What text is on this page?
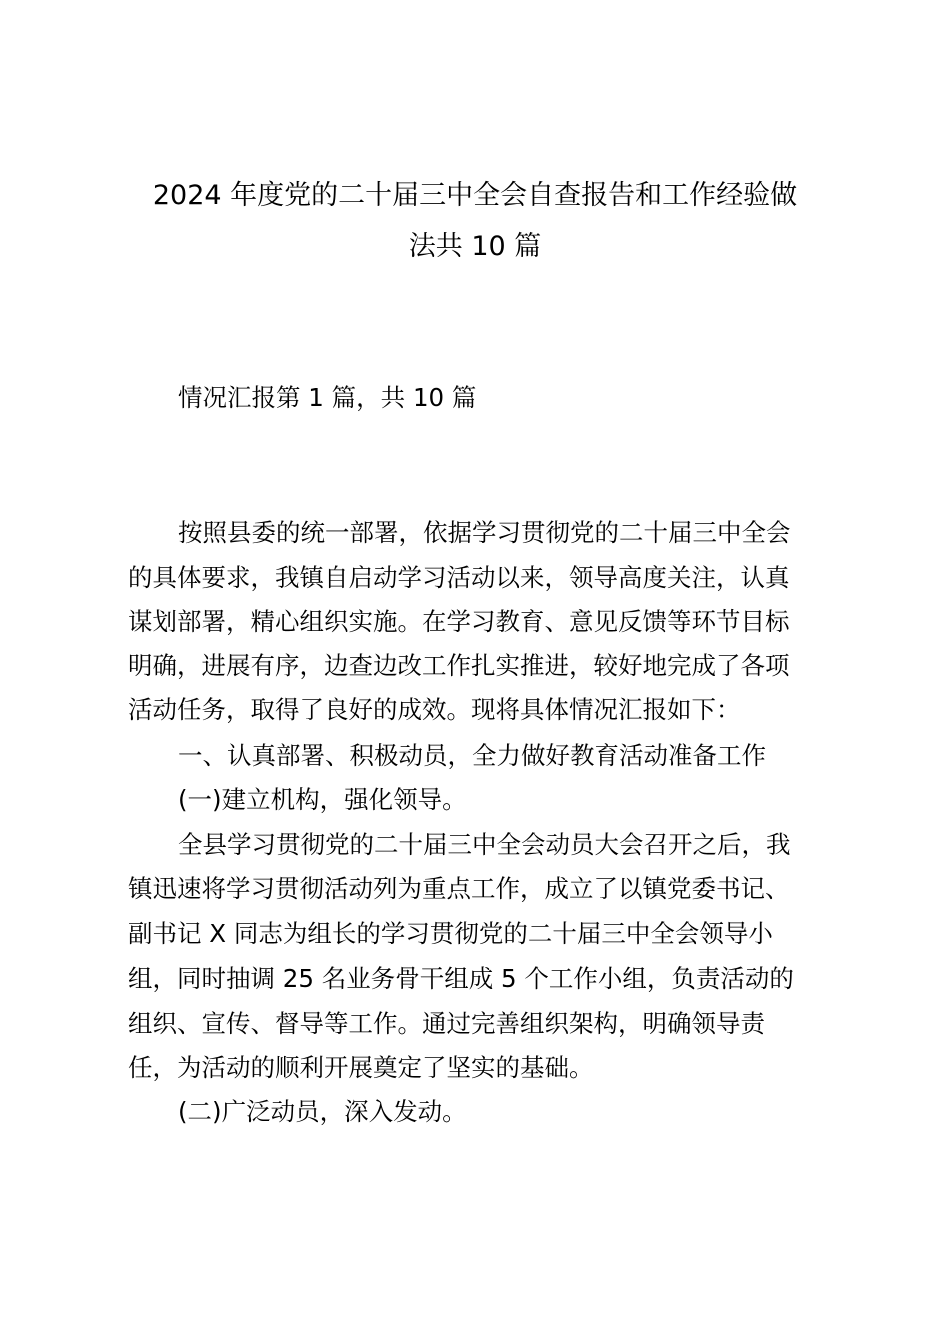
2024 年度党的二十届三中全会自查报告和工作经验做
法共 10 篇

情况汇报第 1 篇，共 10 篇

按照县委的统一部署，依据学习贯彻党的二十届三中全会

的具体要求，我镇自启动学习活动以来，领导高度关注，认真

谋划部署，精心组织实施。在学习教育、意见反馈等环节目标

明确，进展有序，边查边改工作扎实推进，较好地完成了各项

活动任务，取得了良好的成效。现将具体情况汇报如下：

一、认真部署、积极动员，全力做好教育活动准备工作

(一)建立机构，强化领导。

全县学习贯彻党的二十届三中全会动员大会召开之后，我

镇迅速将学习贯彻活动列为重点工作，成立了以镇党委书记、

副书记 X 同志为组长的学习贯彻党的二十届三中全会领导小

组，同时抽调 25 名业务骨干组成 5 个工作小组，负责活动的

组织、宣传、督导等工作。通过完善组织架构，明确领导责

任，为活动的顺利开展奠定了坚实的基础。

(二)广泛动员，深入发动。
